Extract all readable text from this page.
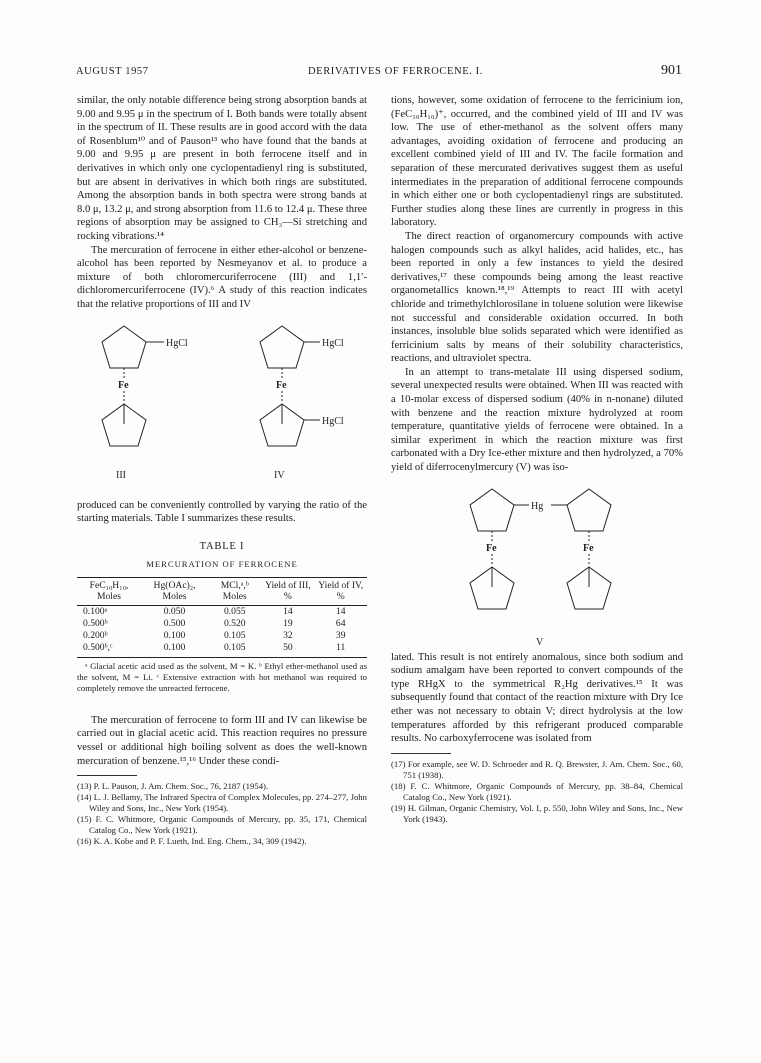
AUGUST 1957	DERIVATIVES OF FERROCENE. I.	901

similar, the only notable difference being strong absorption bands at 9.00 and 9.95 μ in the spectrum of I. Both bands were totally absent in the spectrum of II. These results are in good accord with the data of Rosenblum¹⁰ and of Pauson¹³ who have found that the bands at 9.00 and 9.95 μ are present in both ferrocene itself and in derivatives in which only one cyclopentadienyl ring is substituted, but are absent in derivatives in which both rings are substituted. Among the absorption bands in both spectra were strong bands at 8.0 μ, 13.2 μ, and strong absorption from 11.6 to 12.4 μ. These three regions of absorption may be assigned to CH₃—Si stretching and rocking vibrations.¹⁴

The mercuration of ferrocene in either ether-alcohol or benzene-alcohol has been reported by Nesmeyanov et al. to produce a mixture of both chloromercuriferrocene (III) and 1,1′-dichloromercuriferrocene (IV).⁶ A study of this reaction indicates that the relative proportions of III and IV

HgCl
Fe
III
HgCl
Fe
HgCl
IV

produced can be conveniently controlled by varying the ratio of the starting materials. Table I summarizes these results.

TABLE I
MERCURATION OF FERROCENE
FeC₁₀H₁₀, Moles	Hg(OAc)₂, Moles	MCl,ᵃ,ᵇ Moles	Yield of III, %	Yield of IV, %
0.100ᵃ	0.050	0.055	14	14
0.500ᵇ	0.500	0.520	19	64
0.200ᵇ	0.100	0.105	32	39
0.500ᵇ,ᶜ	0.100	0.105	50	11
ᵃ Glacial acetic acid used as the solvent, M = K. ᵇ Ethyl ether-methanol used as the solvent, M = Li. ᶜ Extensive extraction with hot methanol was required to completely remove the unreacted ferrocene.

The mercuration of ferrocene to form III and IV can likewise be carried out in glacial acetic acid. This reaction requires no pressure vessel or additional high boiling solvent as does the well-known mercuration of benzene.¹⁵,¹⁶ Under these condi-

(13) P. L. Pauson, J. Am. Chem. Soc., 76, 2187 (1954).

(14) L. J. Bellamy, The Infrared Spectra of Complex Molecules, pp. 274–277, John Wiley and Sons, Inc., New York (1954).

(15) F. C. Whitmore, Organic Compounds of Mercury, pp. 35, 171, Chemical Catalog Co., New York (1921).

(16) K. A. Kobe and P. F. Lueth, Ind. Eng. Chem., 34, 309 (1942).

tions, however, some oxidation of ferrocene to the ferricinium ion, (FeC₁₀H₁₀)⁺, occurred, and the combined yield of III and IV was low. The use of ether-methanol as the solvent offers many advantages, avoiding oxidation of ferrocene and producing an excellent combined yield of III and IV. The facile formation and separation of these mercurated derivatives suggest them as useful intermediates in the preparation of additional ferrocene compounds in which either one or both cyclopentadienyl rings are substituted. Further studies along these lines are currently in progress in this laboratory.

The direct reaction of organomercury compounds with active halogen compounds such as alkyl halides, acid halides, etc., has been reported in only a few instances to yield the desired derivatives,¹⁷ these compounds being among the least reactive organometallics known.¹⁸,¹⁹ Attempts to react III with acetyl chloride and trimethylchlorosilane in toluene solution were likewise not successful and considerable oxidation occurred. In both instances, insoluble blue solids separated which were identified as ferricinium salts by means of their solubility characteristics, reactions, and ultraviolet spectra.

In an attempt to trans-metalate III using dispersed sodium, several unexpected results were obtained. When III was reacted with a 10-molar excess of dispersed sodium (40% in n-nonane) diluted with benzene and the reaction mixture hydrolyzed at room temperature, quantitative yields of ferrocene were obtained. In a similar experiment in which the reaction mixture was first carbonated with a Dry Ice-ether mixture and then hydrolyzed, a 70% yield of diferrocenylmercury (V) was iso-

Hg
Fe	Fe
V

lated. This result is not entirely anomalous, since both sodium and sodium amalgam have been reported to convert compounds of the type RHgX to the symmetrical R₂Hg derivatives.¹⁵ It was subsequently found that contact of the reaction mixture with Dry Ice ether was not necessary to obtain V; direct hydrolysis at the low temperatures afforded by this refrigerant produced comparable results. No carboxyferrocene was isolated from

(17) For example, see W. D. Schroeder and R. Q. Brewster, J. Am. Chem. Soc., 60, 751 (1938).

(18) F. C. Whitmore, Organic Compounds of Mercury, pp. 38–84, Chemical Catalog Co., New York (1921).

(19) H. Gilman, Organic Chemistry, Vol. I, p. 550, John Wiley and Sons, Inc., New York (1943).
